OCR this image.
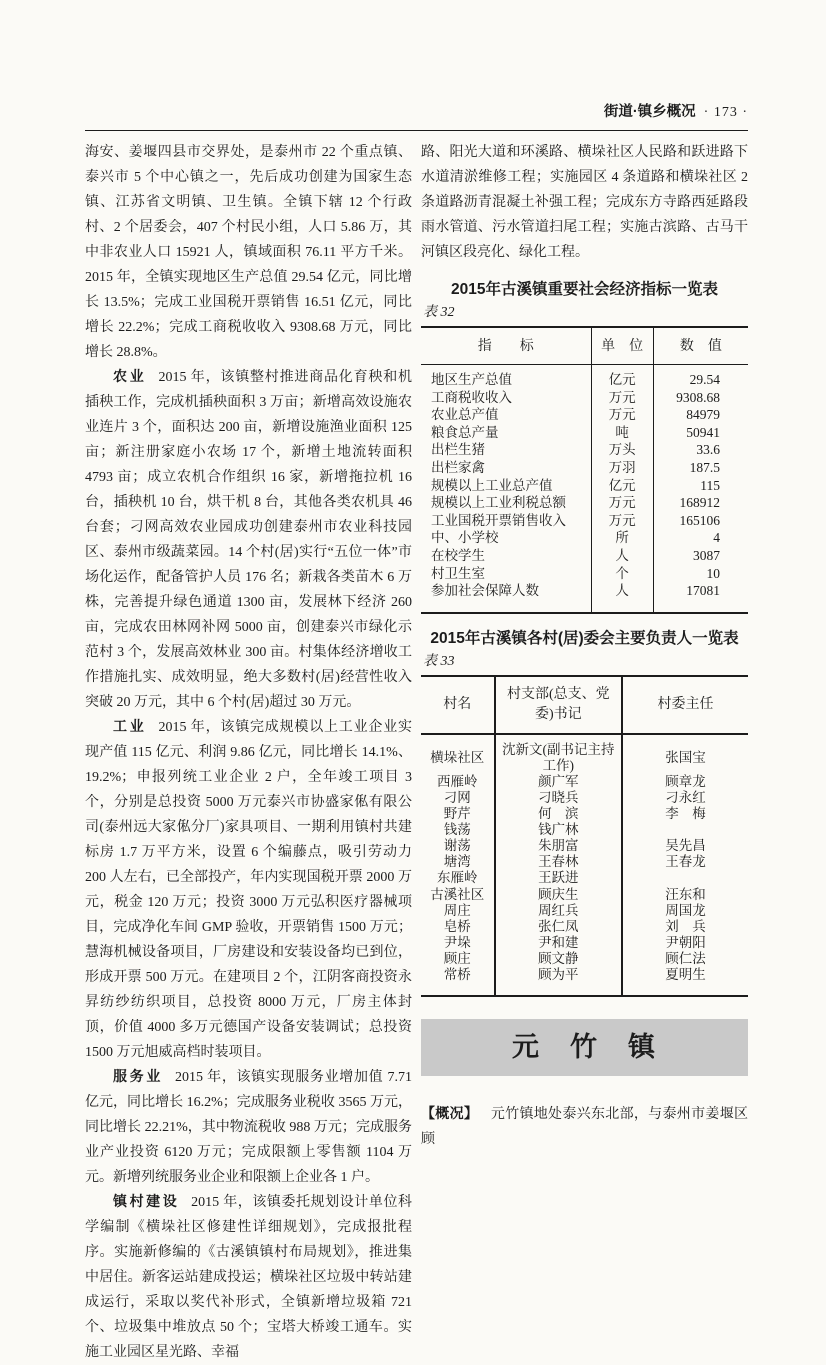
街道·镇乡概况 · 173 ·

海安、姜堰四县市交界处，是泰州市 22 个重点镇、泰兴市 5 个中心镇之一，先后成功创建为国家生态镇、江苏省文明镇、卫生镇。全镇下辖 12 个行政村、2 个居委会，407 个村民小组，人口 5.86 万，其中非农业人口 15921 人，镇域面积 76.11 平方千米。2015 年，全镇实现地区生产总值 29.54 亿元，同比增长 13.5%；完成工业国税开票销售 16.51 亿元，同比增长 22.2%；完成工商税收收入 9308.68 万元，同比增长 28.8%。

农业 2015 年，该镇整村推进商品化育秧和机插秧工作，完成机插秧面积 3 万亩；新增高效设施农业连片 3 个，面积达 200 亩，新增设施渔业面积 125 亩；新注册家庭小农场 17 个，新增土地流转面积 4793 亩；成立农机合作组织 16 家，新增拖拉机 16 台，插秧机 10 台，烘干机 8 台，其他各类农机具 46 台套；刁网高效农业园成功创建泰州市农业科技园区、泰州市级蔬菜园。14 个村(居)实行“五位一体”市场化运作，配备管护人员 176 名；新栽各类苗木 6 万株，完善提升绿色通道 1300 亩，发展林下经济 260 亩，完成农田林网补网 5000 亩，创建泰兴市绿化示范村 3 个，发展高效林业 300 亩。村集体经济增收工作措施扎实、成效明显，绝大多数村(居)经营性收入突破 20 万元，其中 6 个村(居)超过 30 万元。

工业 2015 年，该镇完成规模以上工业企业实现产值 115 亿元、利润 9.86 亿元，同比增长 14.1%、19.2%；申报列统工业企业 2 户，全年竣工项目 3 个，分别是总投资 5000 万元泰兴市协盛家俬有限公司(泰州远大家俬分厂)家具项目、一期利用镇村共建标房 1.7 万平方米，设置 6 个编藤点，吸引劳动力 200 人左右，已全部投产，年内实现国税开票 2000 万元，税金 120 万元；投资 3000 万元弘积医疗器械项目，完成净化车间 GMP 验收，开票销售 1500 万元；慧海机械设备项目，厂房建设和安装设备均已到位，形成开票 500 万元。在建项目 2 个，江阴客商投资永昇纺纱纺织项目，总投资 8000 万元，厂房主体封顶，价值 4000 多万元德国产设备安装调试；总投资 1500 万元旭威高档时装项目。

服务业 2015 年，该镇实现服务业增加值 7.71 亿元，同比增长 16.2%；完成服务业税收 3565 万元，同比增长 22.21%，其中物流税收 988 万元；完成服务业产业投资 6120 万元；完成限额上零售额 1104 万元。新增列统服务业企业和限额上企业各 1 户。

镇村建设 2015 年，该镇委托规划设计单位科学编制《横垛社区修建性详细规划》，完成报批程序。实施新修编的《古溪镇镇村布局规划》，推进集中居住。新客运站建成投运；横垛社区垃圾中转站建成运行，采取以奖代补形式，全镇新增垃圾箱 721 个、垃圾集中堆放点 50 个；宝塔大桥竣工通车。实施工业园区星光路、幸福

路、阳光大道和环溪路、横垛社区人民路和跃进路下水道清淤维修工程；实施园区 4 条道路和横垛社区 2 条道路沥青混凝土补强工程；完成东方寺路西延路段雨水管道、污水管道扫尾工程；实施古滨路、古马干河镇区段亮化、绿化工程。

2015年古溪镇重要社会经济指标一览表
表 32
指　　标	单　位	数　值
地区生产总值	亿元	29.54
工商税收收入	万元	9308.68
农业总产值	万元	84979
粮食总产量	吨	50941
出栏生猪	万头	33.6
出栏家禽	万羽	187.5
规模以上工业总产值	亿元	115
规模以上工业利税总额	万元	168912
工业国税开票销售收入	万元	165106
中、小学校	所	4
在校学生	人	3087
村卫生室	个	10
参加社会保障人数	人	17081
2015年古溪镇各村(居)委会主要负责人一览表
表 33
村名	村支部(总支、党委)书记	村委主任
横垛社区	沈新文(副书记主持工作)	张国宝
西雁岭	颜广军	顾章龙
刁网	刁晓兵	刁永红
野芹	何　滨	李　梅
钱荡	钱广林	
谢荡	朱朋富	吴先昌
塘湾	王春林	王春龙
东雁岭	王跃进	
古溪社区	顾庆生	汪东和
周庄	周红兵	周国龙
皂桥	张仁凤	刘　兵
尹垛	尹和建	尹朝阳
顾庄	顾文静	顾仁法
常桥	顾为平	夏明生
元　竹　镇

【概况】 元竹镇地处泰兴东北部，与泰州市姜堰区顾
